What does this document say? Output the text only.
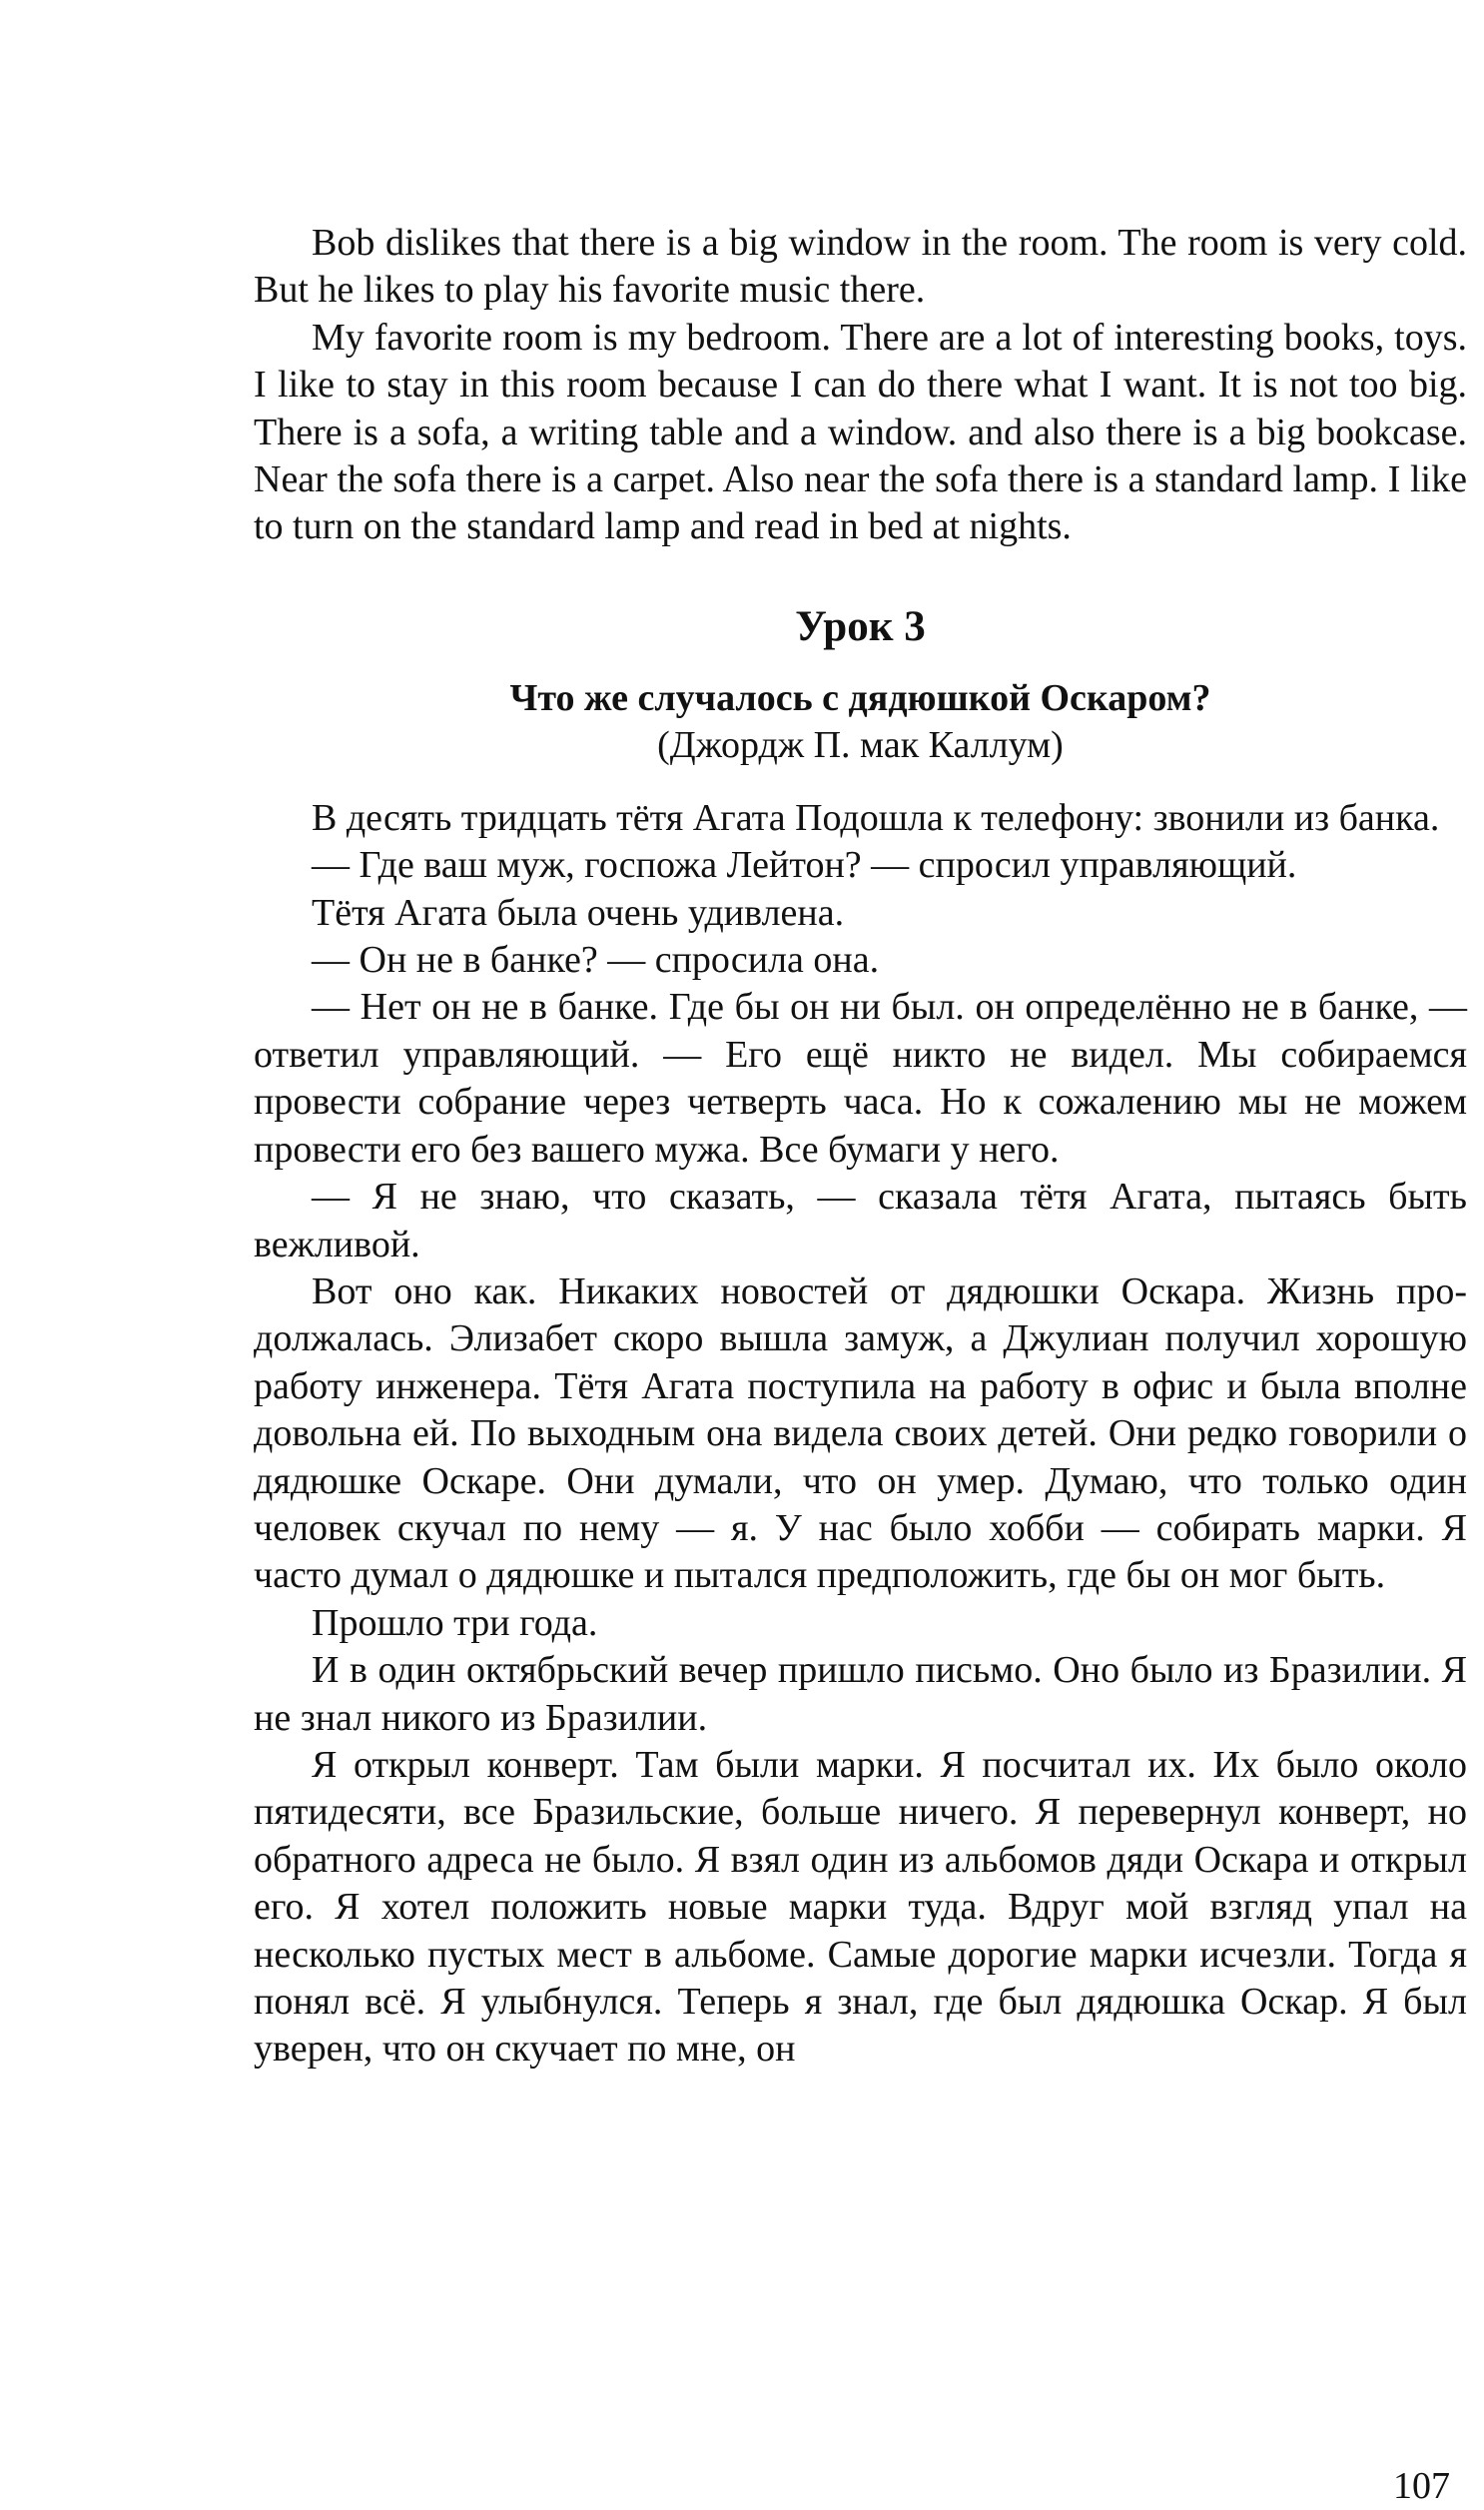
Bob dislikes that there is a big window in the room. The room is very cold. But he likes to play his favorite music there.

My favorite room is my bedroom. There are a lot of interesting books, toys. I like to stay in this room because I can do there what I want. It is not too big. There is a sofa, a writing table and a window. and also there is a big bookcase. Near the sofa there is a carpet. Also near the sofa there is a standard lamp. I like to turn on the standard lamp and read in bed at nights.

Урок 3
Что же случалось с дядюшкой Оскаром?
(Джордж П. мак Каллум)

В десять тридцать тётя Агата Подошла к телефону: звонили из банка.

— Где ваш муж, госпожа Лейтон? — спросил управляющий.

Тётя Агата была очень удивлена.

— Он не в банке? — спросила она.

— Нет он не в банке. Где бы он ни был. он определённо не в банке, — ответил управляющий. — Его ещё никто не видел. Мы собираемся провести собрание через четверть часа. Но к сожалению мы не можем провести его без вашего мужа. Все бумаги у него.

— Я не знаю, что сказать, — сказала тётя Агата, пытаясь быть вежливой.

Вот оно как. Никаких новостей от дядюшки Оскара. Жизнь продолжалась. Элизабет скоро вышла замуж, а Джулиан получил хорошую работу инженера. Тётя Агата поступила на работу в офис и была вполне довольна ей. По выходным она видела своих детей. Они редко говорили о дядюшке Оскаре. Они думали, что он умер. Думаю, что только один человек скучал по нему — я. У нас было хобби — собирать марки. Я часто думал о дядюшке и пытался предположить, где бы он мог быть.

Прошло три года.

И в один октябрьский вечер пришло письмо. Оно было из Бразилии. Я не знал никого из Бразилии.

Я открыл конверт. Там были марки. Я посчитал их. Их было около пятидесяти, все Бразильские, больше ничего. Я перевернул конверт, но обратного адреса не было. Я взял один из альбомов дяди Оскара и открыл его. Я хотел положить новые марки туда. Вдруг мой взгляд упал на несколько пустых мест в альбоме. Самые дорогие марки исчезли. Тогда я понял всё. Я улыбнулся. Теперь я знал, где был дядюшка Оскар. Я был уверен, что он скучает по мне, он

107
